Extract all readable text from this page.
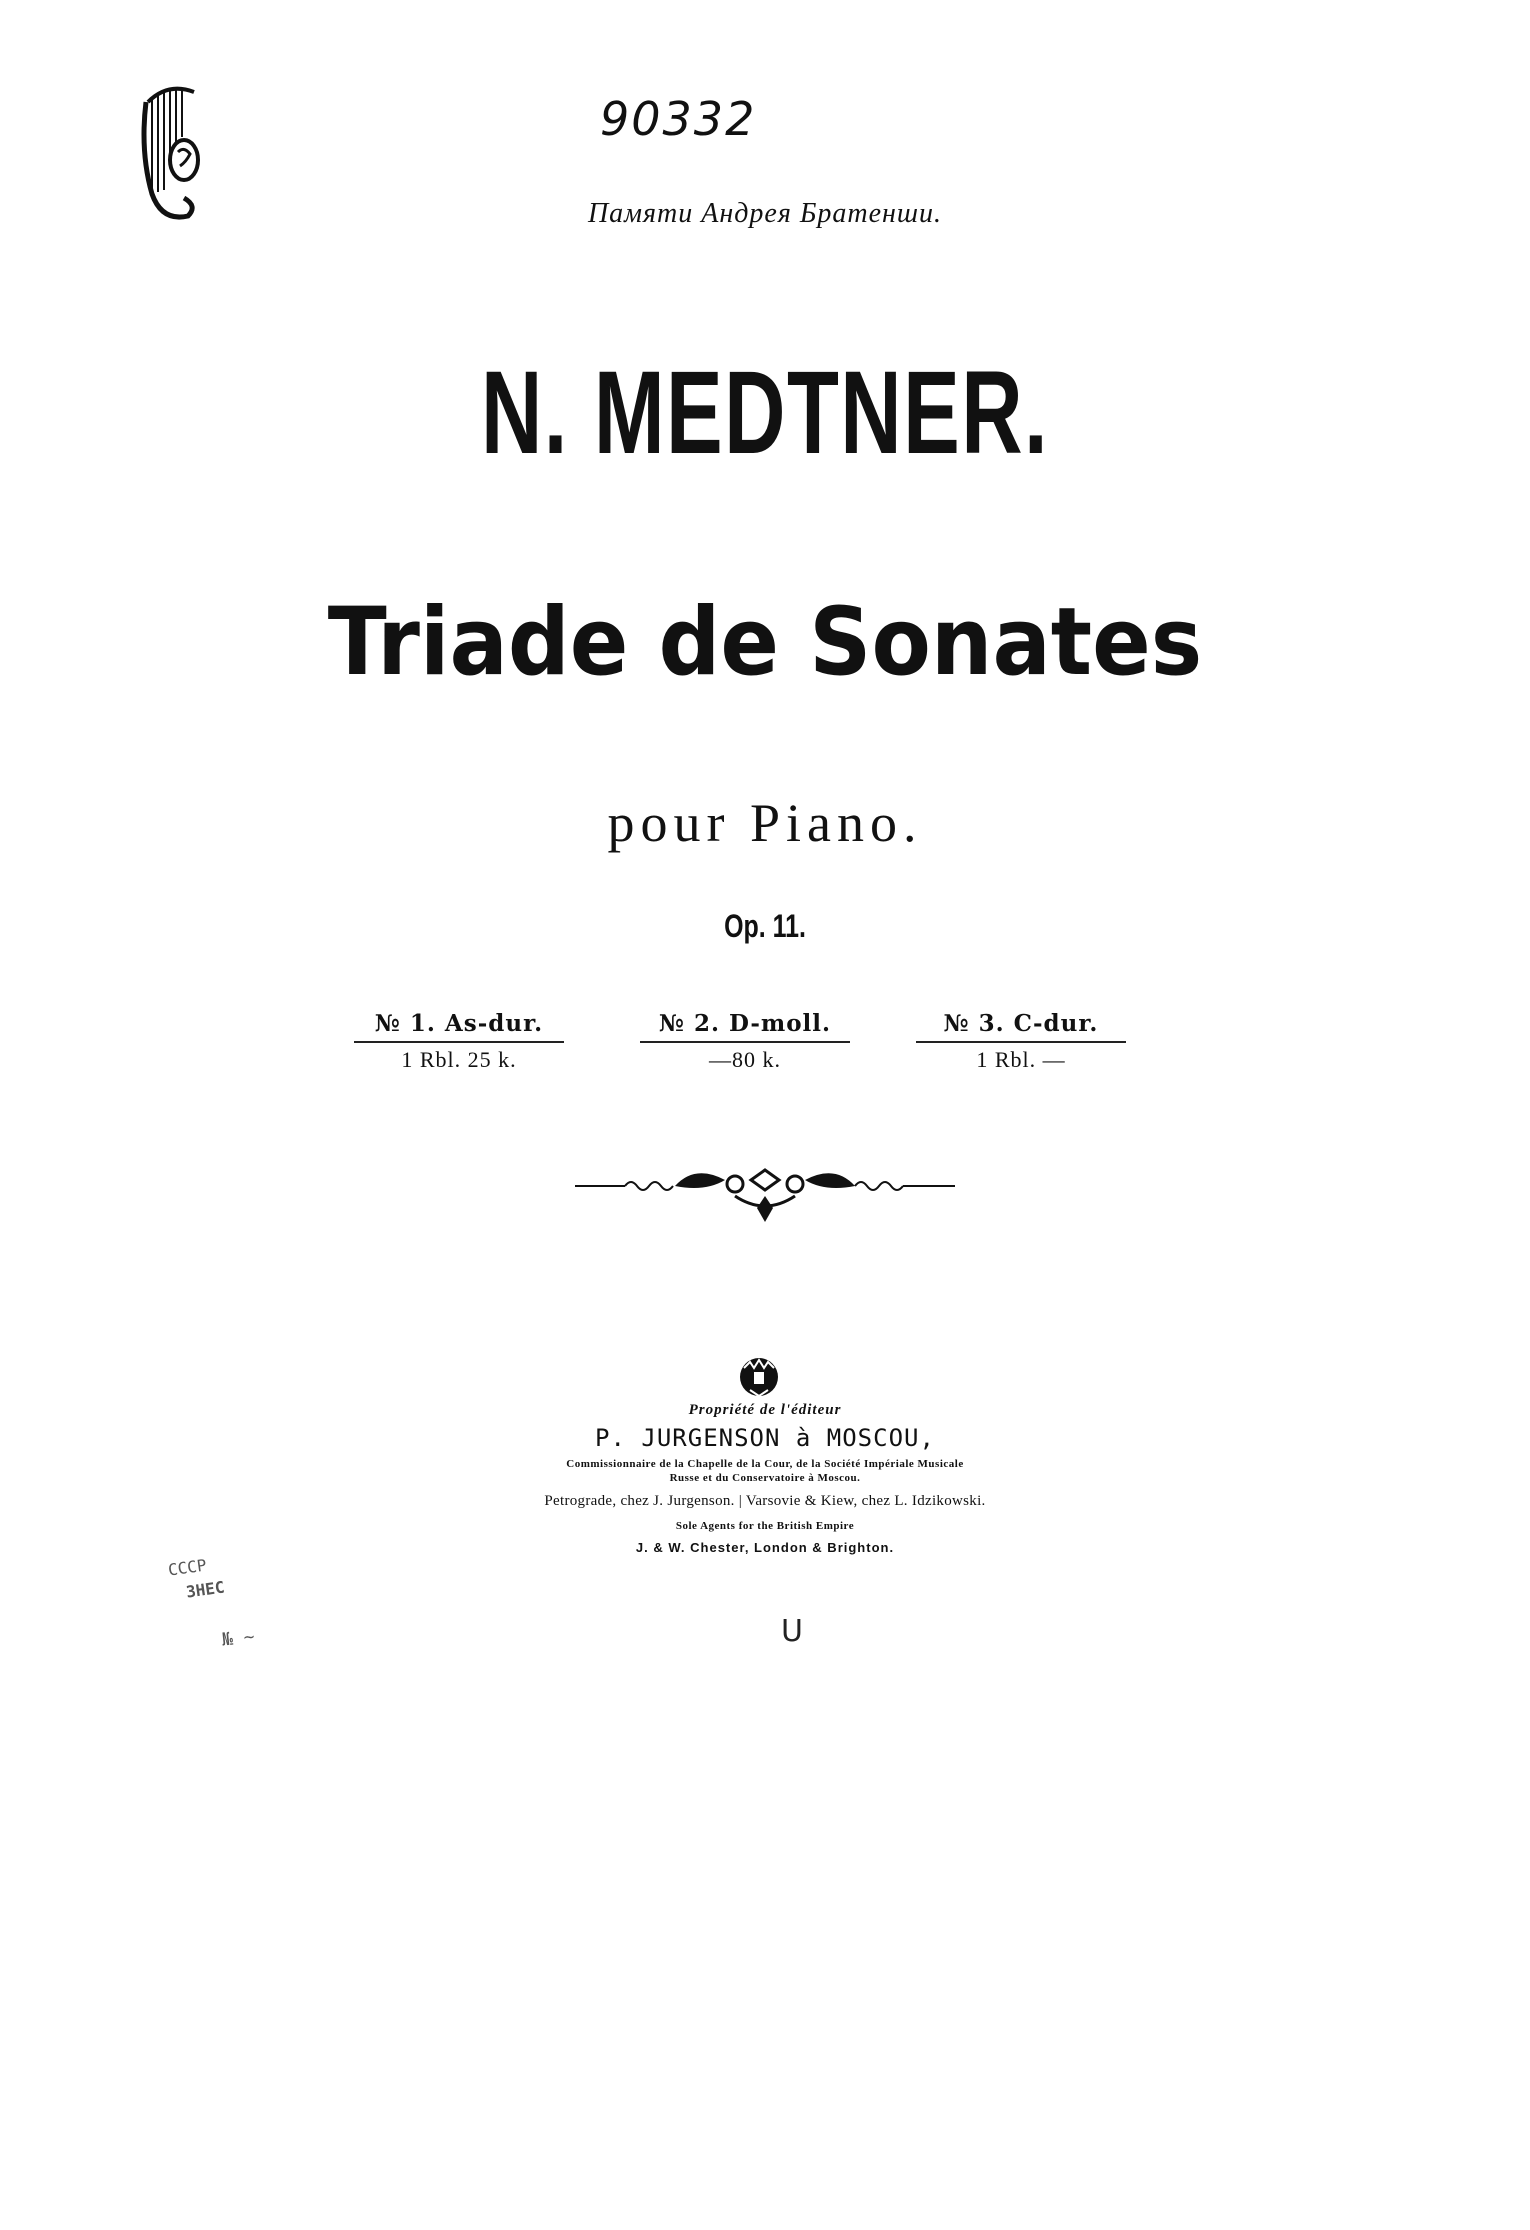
90332
Памяти Андрея Братенши.
N. MEDTNER.
Triade de Sonates
pour Piano.
Op. 11.
№ 1. As-dur.
1 Rbl. 25 k.
№ 2. D-moll.
—80 k.
№ 3. C-dur.
1 Rbl. —
Propriété de l'éditeur
P. JURGENSON à MOSCOU,
Commissionnaire de la Chapelle de la Cour, de la Société Impériale Musicale
Russe et du Conservatoire à Moscou.
Petrograde, chez J. Jurgenson. | Varsovie & Kiew, chez L. Idzikowski.
Sole Agents for the British Empire
J. & W. Chester, London & Brighton.
СССР
ЗНЕС
№ ~	U
